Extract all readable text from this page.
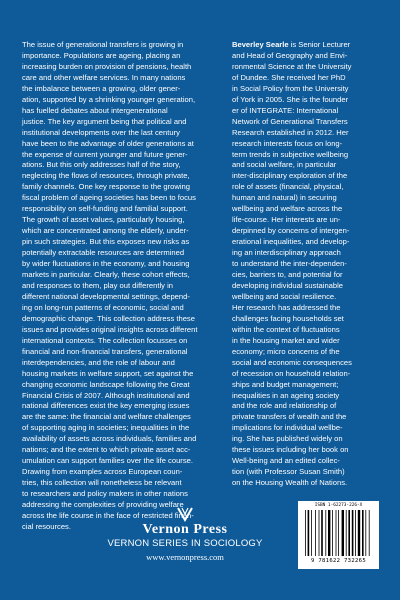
The issue of generational transfers is growing in

importance. Populations are ageing, placing an

increasing burden on provision of pensions, health

care and other welfare services. In many nations

the imbalance between a growing, older gener-

ation, supported by a shrinking younger generation,

has fuelled debates about intergenerational

justice. The key argument being that political and

institutional developments over the last century

have been to the advantage of older generations at

the expense of current younger and future gener-

ations. But this only addresses half of the story,

neglecting the flows of resources, through private,

family channels. One key response to the growing

fiscal problem of ageing societies has been to focus

responsibility on self-funding and familial support.

The growth of asset values, particularly housing,

which are concentrated among the elderly, under-

pin such strategies. But this exposes new risks as

potentially extractable resources are determined

by wider fluctuations in the economy, and housing

markets in particular. Clearly, these cohort effects,

and responses to them, play out differently in

different national developmental settings, depend-

ing on long-run patterns of economic, social and

demographic change. This collection address these

issues and provides original insights across different

international contexts. The collection focusses on

financial and non-financial transfers, generational

interdependencies, and the role of labour and

housing markets in welfare support, set against the

changing economic landscape following the Great

Financial Crisis of 2007. Although institutional and

national differences exist the key emerging issues

are the same: the financial and welfare challenges

of supporting aging in societies; inequalities in the

availability of assets across individuals, families and

nations; and the extent to which private asset acc-

umulation can support families over the life course.

Drawing from examples across European coun-

tries, this collection will nonetheless be relevant

to researchers and policy makers in other nations

addressing the complexities of providing welfare

across the life course in the face of restricted finan-

cial resources.

Beverley Searle is Senior Lecturer

and Head of Geography and Envi-

ronmental Science at the University

of Dundee. She received her PhD

in Social Policy from the University

of York in 2005. She is the founder

er of INTEGRATE: International

Network of Generational Transfers

Research established in 2012. Her

research interests focus on long-

term trends in subjective wellbeing

and social welfare, in particular

inter-disciplinary exploration of the

role of assets (financial, physical,

human and natural) in securing

wellbeing and welfare across the

life-course. Her interests are un-

derpinned by concerns of intergen-

erational inequalities, and develop-

ing an interdisciplinary approach

to understand the inter-dependen-

cies, barriers to, and potential for

developing individual sustainable

wellbeing and social resilience.

Her research has addressed the

challenges facing households set

within the context of fluctuations

in the housing market and wider

economy; micro concerns of the

social and economic consequences

of recession on household relation-

ships and budget management;

inequalities in an ageing society

and the role and relationship of

private transfers of wealth and the

implications for individual wellbe-

ing. She has published widely on

these issues including her book on

Well-being and an edited collec-

tion (with Professor Susan Smith)

on the Housing Wealth of Nations.

Vernon Press
VERNON SERIES IN SOCIOLOGY
www.vernonpress.com
ISBN 1-62273-226-X
9 781622 732265
